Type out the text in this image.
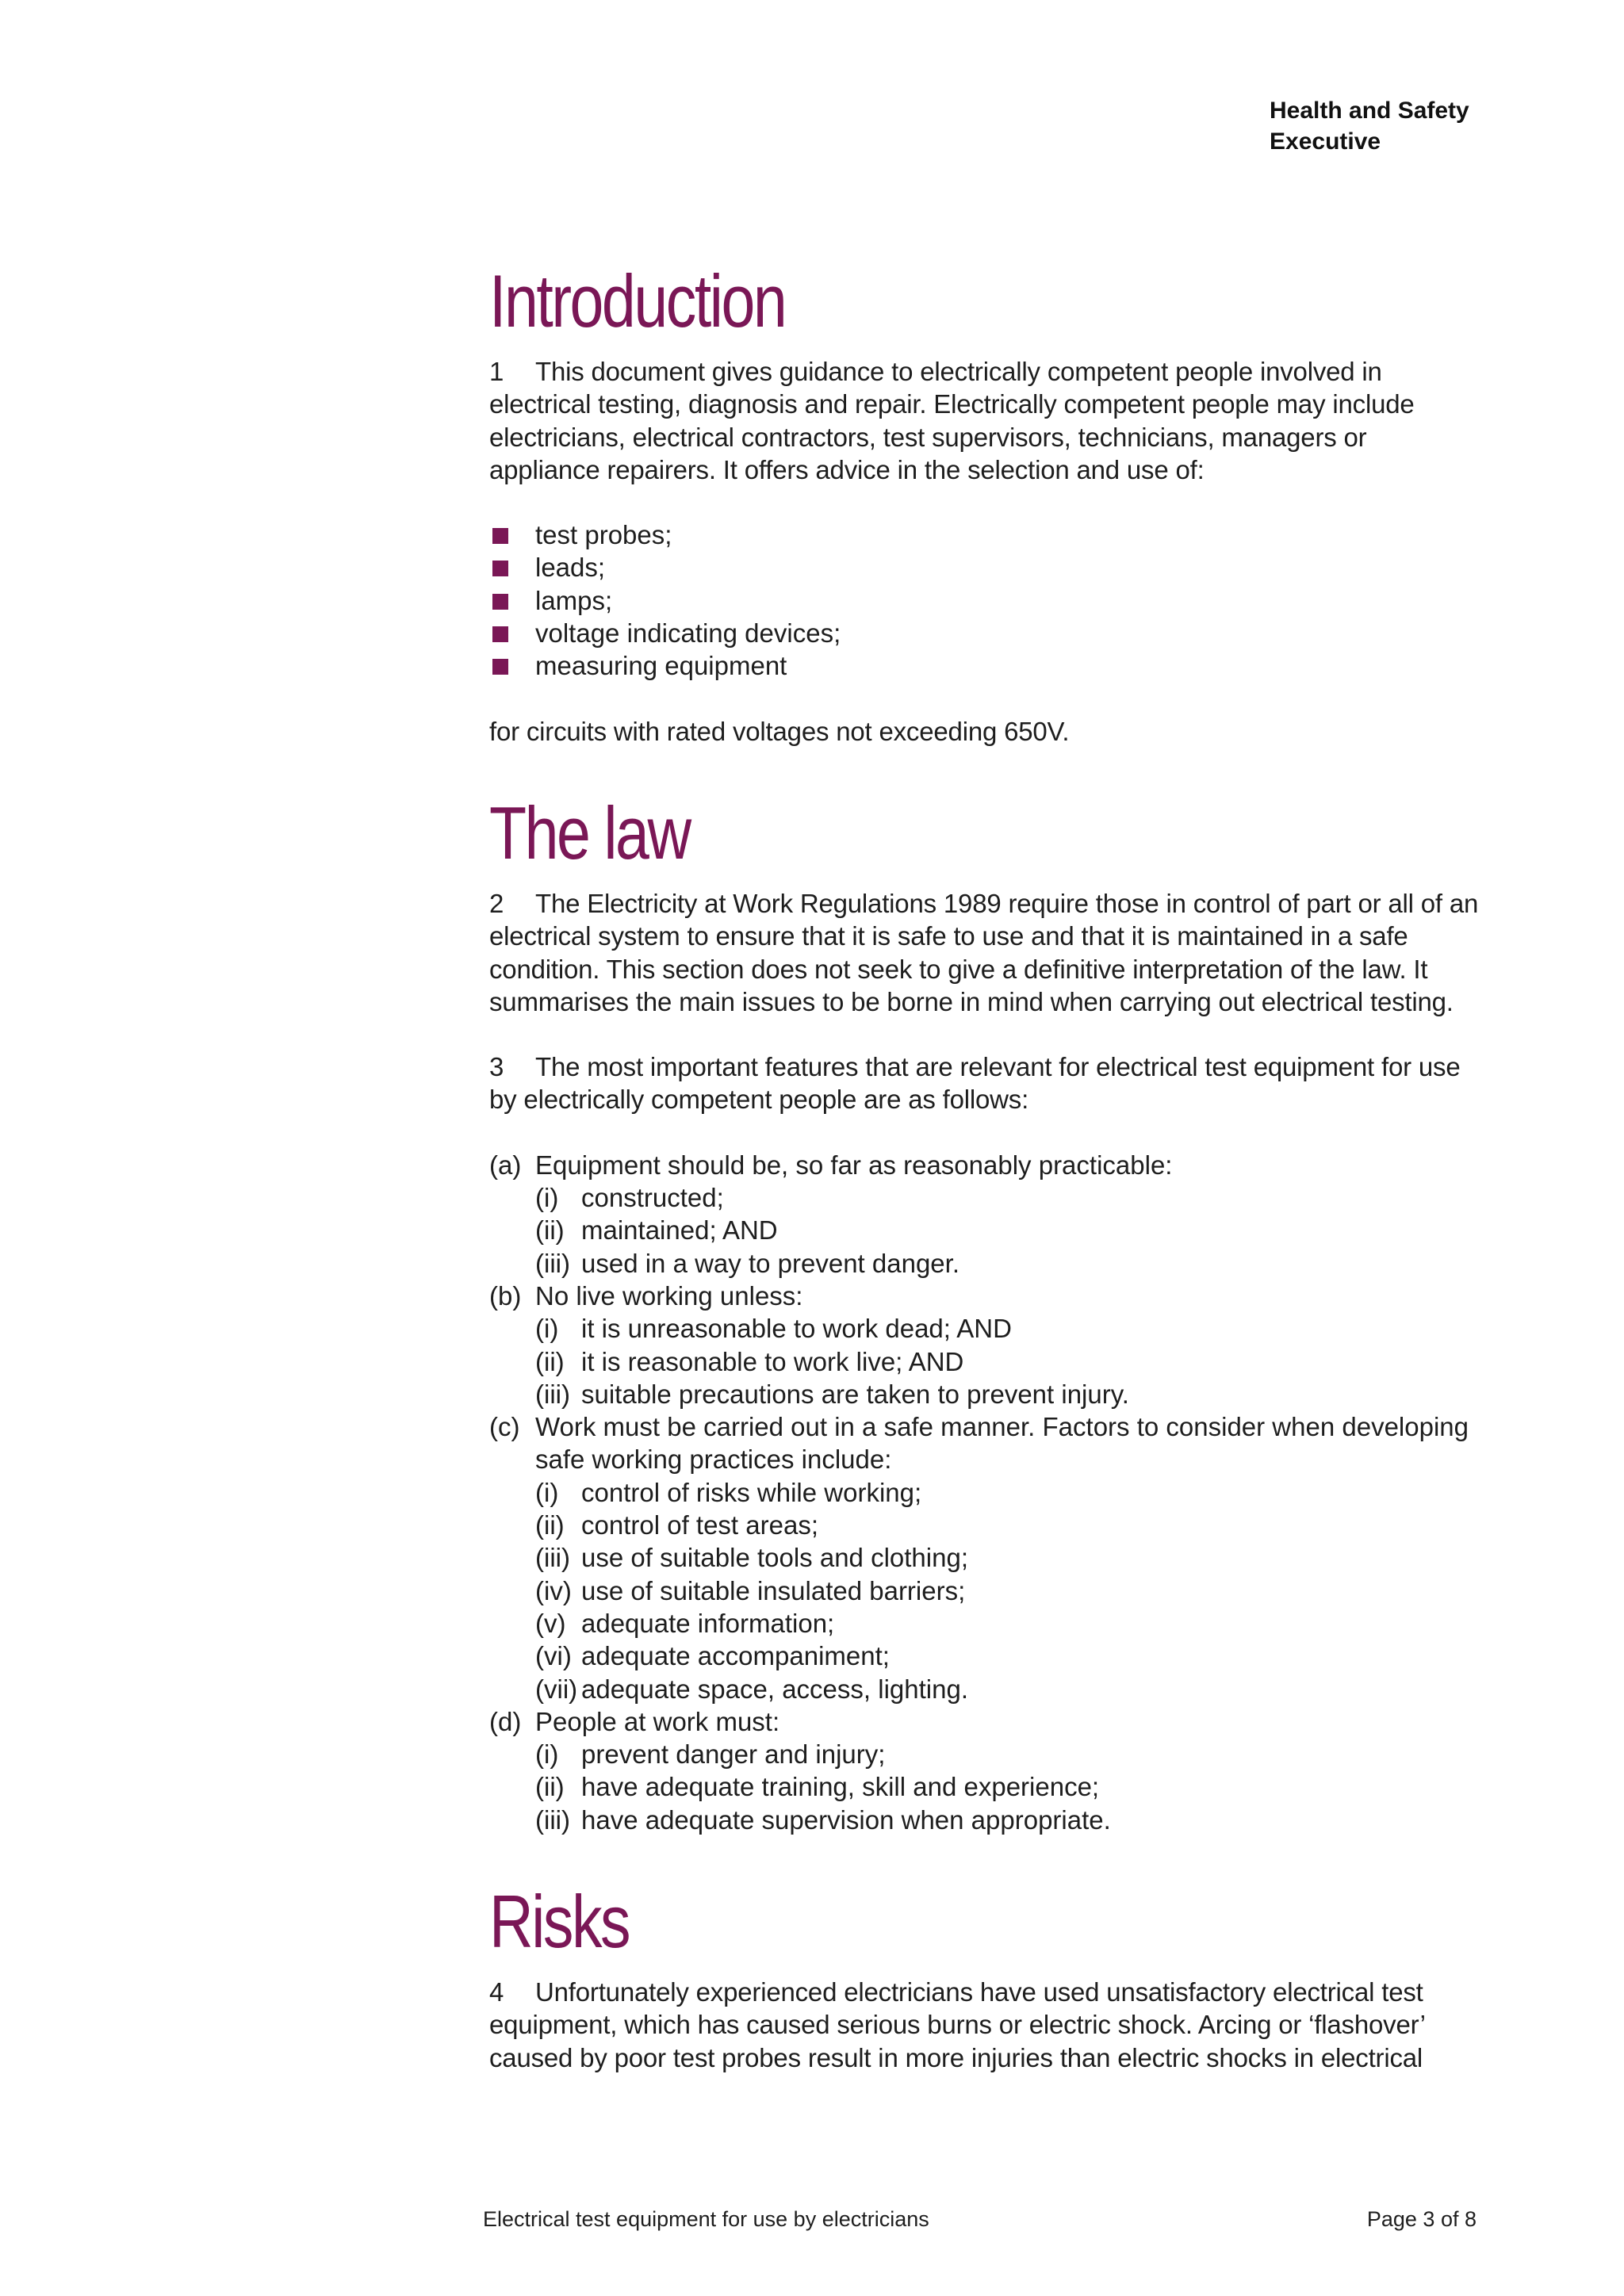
Health and Safety
Executive
Introduction

1 This document gives guidance to electrically competent people involved in electrical testing, diagnosis and repair. Electrically competent people may include electricians, electrical contractors, test supervisors, technicians, managers or appliance repairers. It offers advice in the selection and use of:

test probes;
leads;
lamps;
voltage indicating devices;
measuring equipment

for circuits with rated voltages not exceeding 650V.

The law

2 The Electricity at Work Regulations 1989 require those in control of part or all of an electrical system to ensure that it is safe to use and that it is maintained in a safe condition. This section does not seek to give a definitive interpretation of the law. It summarises the main issues to be borne in mind when carrying out electrical testing.

3 The most important features that are relevant for electrical test equipment for use by electrically competent people are as follows:

(a) Equipment should be, so far as reasonably practicable:
(i) constructed;
(ii) maintained; AND
(iii) used in a way to prevent danger.
(b) No live working unless:
(i) it is unreasonable to work dead; AND
(ii) it is reasonable to work live; AND
(iii) suitable precautions are taken to prevent injury.
(c) Work must be carried out in a safe manner. Factors to consider when developing safe working practices include:
(i) control of risks while working;
(ii) control of test areas;
(iii) use of suitable tools and clothing;
(iv) use of suitable insulated barriers;
(v) adequate information;
(vi) adequate accompaniment;
(vii) adequate space, access, lighting.
(d) People at work must:
(i) prevent danger and injury;
(ii) have adequate training, skill and experience;
(iii) have adequate supervision when appropriate.
Risks

4 Unfortunately experienced electricians have used unsatisfactory electrical test equipment, which has caused serious burns or electric shock. Arcing or ‘flashover’ caused by poor test probes result in more injuries than electric shocks in electrical

Electrical test equipment for use by electricians	Page 3 of 8
